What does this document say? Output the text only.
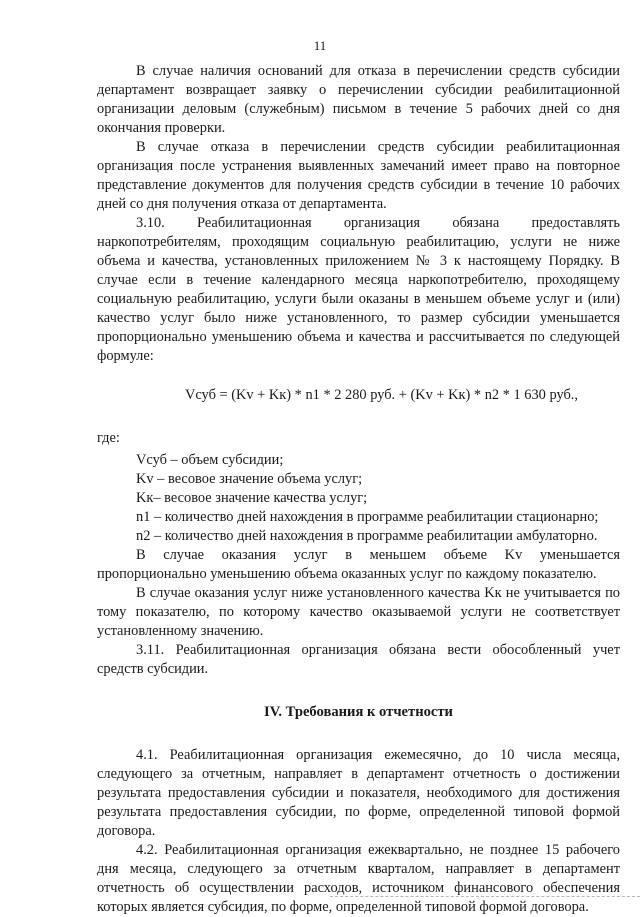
11

В случае наличия оснований для отказа в перечислении средств субсидии департамент возвращает заявку о перечислении субсидии реабилитационной организации деловым (служебным) письмом в течение 5 рабочих дней со дня окончания проверки.

В случае отказа в перечислении средств субсидии реабилитационная организация после устранения выявленных замечаний имеет право на повторное представление документов для получения средств субсидии в течение 10 рабочих дней со дня получения отказа от департамента.

3.10. Реабилитационная организация обязана предоставлять наркопотребителям, проходящим социальную реабилитацию, услуги не ниже объема и качества, установленных приложением № 3 к настоящему Порядку. В случае если в течение календарного месяца наркопотребителю, проходящему социальную реабилитацию, услуги были оказаны в меньшем объеме услуг и (или) качество услуг было ниже установленного, то размер субсидии уменьшается пропорционально уменьшению объема и качества и рассчитывается по следующей формуле:

Vсуб = (Kv + Kк) * n1 * 2 280 руб. + (Kv + Kк) * n2 * 1 630 руб.,
где:
Vсуб – объем субсидии;
Kv – весовое значение объема услуг;
Kк– весовое значение качества услуг;
n1 – количество дней нахождения в программе реабилитации стационарно;
n2 – количество дней нахождения в программе реабилитации амбулаторно.

В случае оказания услуг в меньшем объеме Kv уменьшается пропорционально уменьшению объема оказанных услуг по каждому показателю.

В случае оказания услуг ниже установленного качества Kк не учитывается по тому показателю, по которому качество оказываемой услуги не соответствует установленному значению.

3.11. Реабилитационная организация обязана вести обособленный учет средств субсидии.

IV. Требования к отчетности

4.1. Реабилитационная организация ежемесячно, до 10 числа месяца, следующего за отчетным, направляет в департамент отчетность о достижении результата предоставления субсидии и показателя, необходимого для достижения результата предоставления субсидии, по форме, определенной типовой формой договора.

4.2. Реабилитационная организация ежеквартально, не позднее 15 рабочего дня месяца, следующего за отчетным кварталом, направляет в департамент отчетность об осуществлении расходов, источником финансового обеспечения которых является субсидия, по форме, определенной типовой формой договора.
